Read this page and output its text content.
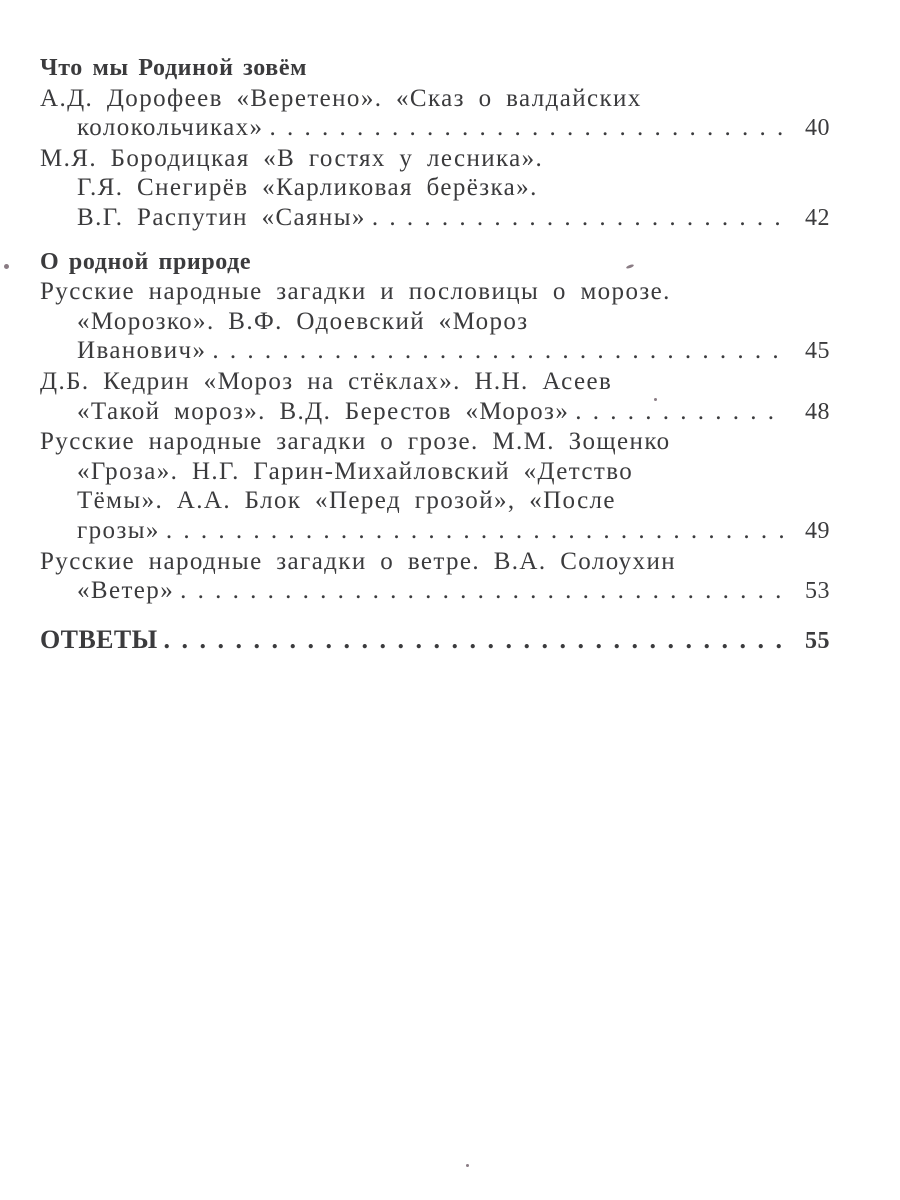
Что мы Родиной зовём
А.Д. Дорофеев «Веретено». «Сказ о валдайских
колокольчиках» . . .	40
М.Я. Бородицкая «В гостях у лесника».
Г.Я. Снегирёв «Карликовая берёзка».
В.Г. Распутин «Саяны» . . .	42
О родной природе
Русские народные загадки и пословицы о морозе.
«Морозко». В.Ф. Одоевский «Мороз
Иванович» . . .	45
Д.Б. Кедрин «Мороз на стёклах». Н.Н. Асеев
«Такой мороз». В.Д. Берестов «Мороз» . . .	48
Русские народные загадки о грозе. М.М. Зощенко
«Гроза». Н.Г. Гарин-Михайловский «Детство
Тёмы». А.А. Блок «Перед грозой», «После
грозы» . . .	49
Русские народные загадки о ветре. В.А. Солоухин
«Ветер» . . .	53
ОТВЕТЫ . . .	55
